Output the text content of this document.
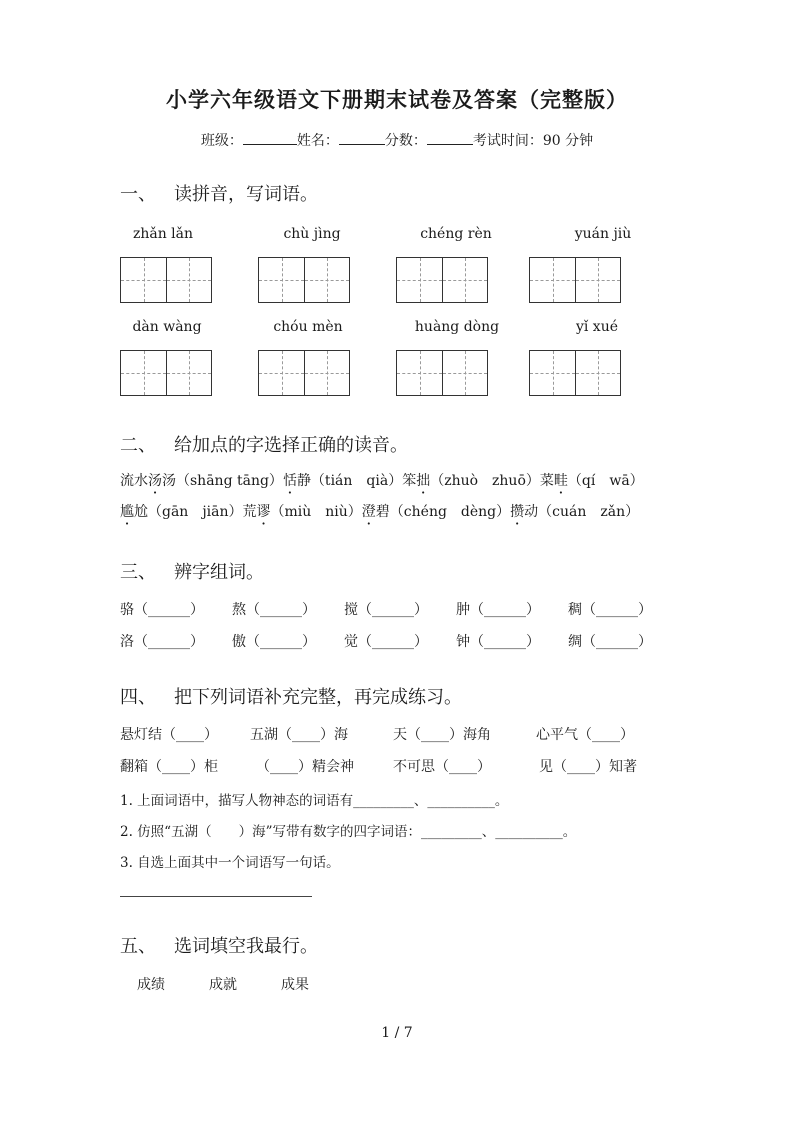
小学六年级语文下册期末试卷及答案（完整版）
班级：	姓名：	分数：	考试时间：90 分钟
一、 读拼音，写词语。
zhǎn lǎn	chù jìng	chéng rèn	yuán jiù
dàn wàng	chóu mèn	huàng dòng	yǐ xué
二、 给加点的字选择正确的读音。
流水汤汤（shāng tāng）恬静（tián　qià）笨拙（zhuò　zhuō）菜畦（qí　wā）
尴尬（gān　jiān）荒谬（miù　niù）澄碧（chéng　dèng）攒动（cuán　zǎn）
三、 辨字组词。
骆（______） 熬（______） 搅（______） 肿（______） 稠（______）
洛（______） 傲（______） 觉（______） 钟（______） 绸（______）
四、 把下列词语补充完整，再完成练习。
悬灯结（____） 五湖（____）海	天（____）海角	心平气（____）
翻箱（____）柜	（____）精会神	不可思（____）	见（____）知著
1. 上面词语中，描写人物神态的词语有_________、__________。
2. 仿照“五湖（　　）海”写带有数字的四字词语：_________、__________。
3. 自选上面其中一个词语写一句话。
五、 选词填空我最行。
成绩	成就	成果
1 / 7
